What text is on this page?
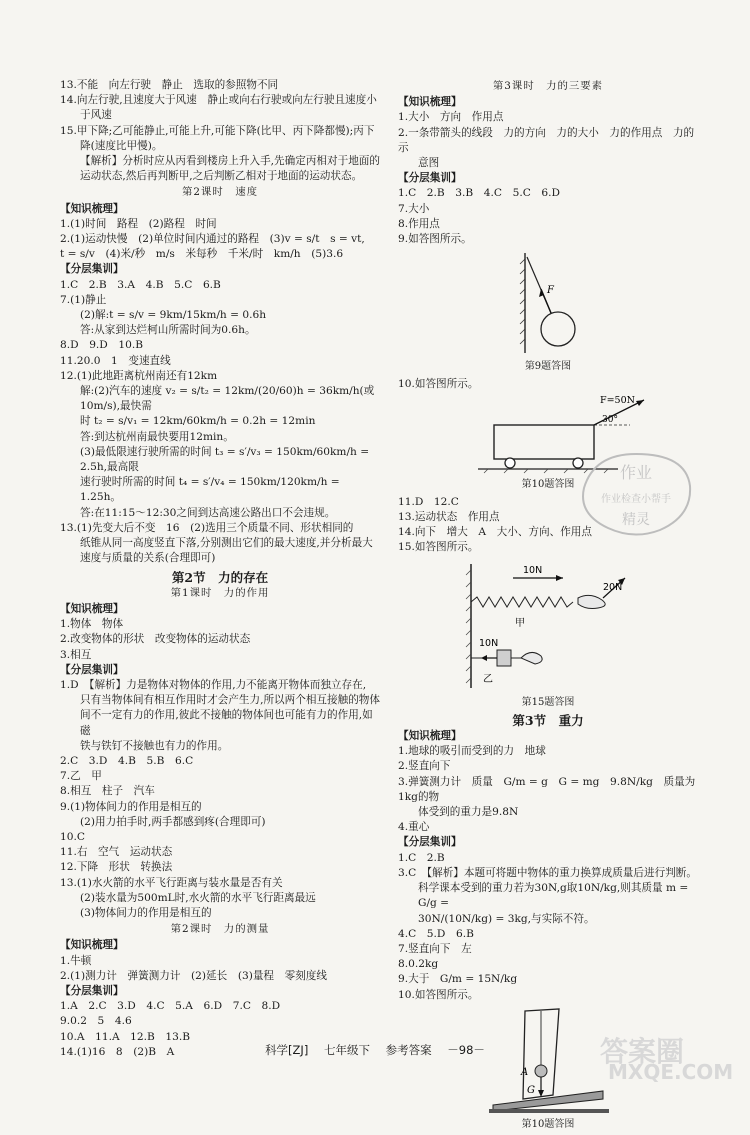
13.不能　向左行驶　静止　选取的参照物不同

14.向左行驶,且速度大于风速　静止或向右行驶或向左行驶且速度小

于风速

15.甲下降;乙可能静止,可能上升,可能下降(比甲、丙下降都慢);丙下

降(速度比甲慢)。

【解析】分析时应从丙看到楼房上升入手,先确定丙相对于地面的

运动状态,然后再判断甲,之后判断乙相对于地面的运动状态。

第2课时　速度

【知识梳理】

1.(1)时间　路程　(2)路程　时间

2.(1)运动快慢　(2)单位时间内通过的路程　(3)v = s/t　s = vt,

t = s/v　(4)米/秒　m/s　米每秒　千米/时　km/h　(5)3.6

【分层集训】

1.C　2.B　3.A　4.B　5.C　6.B

7.(1)静止

(2)解:t = s/v = 9km/15km/h = 0.6h

答:从家到达烂柯山所需时间为0.6h。

8.D　9.D　10.B

11.20.0　1　变速直线

12.(1)此地距离杭州南还有12km

解:(2)汽车的速度 v₂ = s/t₂ = 12km/(20/60)h = 36km/h(或10m/s),最快需

时 t₂ = s/v₁ = 12km/60km/h = 0.2h = 12min

答:到达杭州南最快要用12min。

(3)最低限速行驶所需的时间 t₃ = s′/v₃ = 150km/60km/h = 2.5h,最高限

速行驶时所需的时间 t₄ = s′/v₄ = 150km/120km/h = 1.25h。

答:在11:15～12:30之间到达高速公路出口不会违规。

13.(1)先变大后不变　16　(2)选用三个质量不同、形状相同的

纸锥从同一高度竖直下落,分别测出它们的最大速度,并分析最大

速度与质量的关系(合理即可)

第2节　力的存在

第1课时　力的作用

【知识梳理】

1.物体　物体

2.改变物体的形状　改变物体的运动状态

3.相互

【分层集训】

1.D　【解析】力是物体对物体的作用,力不能离开物体而独立存在,

只有当物体间有相互作用时才会产生力,所以两个相互接触的物体

间不一定有力的作用,彼此不接触的物体间也可能有力的作用,如磁

铁与铁钉不接触也有力的作用。

2.C　3.D　4.B　5.B　6.C

7.乙　甲

8.相互　柱子　汽车

9.(1)物体间力的作用是相互的

(2)用力拍手时,两手都感到疼(合理即可)

10.C

11.右　空气　运动状态

12.下降　形状　转换法

13.(1)水火箭的水平飞行距离与装水量是否有关

(2)装水量为500mL时,水火箭的水平飞行距离最远

(3)物体间力的作用是相互的

第2课时　力的测量

【知识梳理】

1.牛顿

2.(1)测力计　弹簧测力计　(2)延长　(3)量程　零刻度线

【分层集训】

1.A　2.C　3.D　4.C　5.A　6.D　7.C　8.D

9.0.2　5　4.6

10.A　11.A　12.B　13.B

14.(1)16　8　(2)B　A

第3课时　力的三要素

【知识梳理】

1.大小　方向　作用点

2.一条带箭头的线段　力的方向　力的大小　力的作用点　力的示

意图

【分层集训】

1.C　2.B　3.B　4.C　5.C　6.D

7.大小

8.作用点

9.如答图所示。

F

第9题答图

10.如答图所示。

30°
F=50N

第10题答图

11.D　12.C

13.运动状态　作用点

14.向下　增大　A　大小、方向、作用点

15.如答图所示。

10N
20N
甲
10N
乙

第15题答图

第3节　重力

【知识梳理】

1.地球的吸引而受到的力　地球

2.竖直向下

3.弹簧测力计　质量　G/m = g　G = mg　9.8N/kg　质量为1kg的物

体受到的重力是9.8N

4.重心

【分层集训】

1.C　2.B

3.C　【解析】本题可将题中物体的重力换算成质量后进行判断。

科学课本受到的重力若为30N,g取10N/kg,则其质量 m = G/g =

30N/(10N/kg) = 3kg,与实际不符。

4.C　5.D　6.B

7.竖直向下　左

8.0.2kg

9.大于　G/m = 15N/kg

10.如答图所示。

A
G

第10题答图

作业
作业检查小帮手
精灵
科学[ZJ] 七年级下 参考答案 －98－	答案圈
MXQE.COM
